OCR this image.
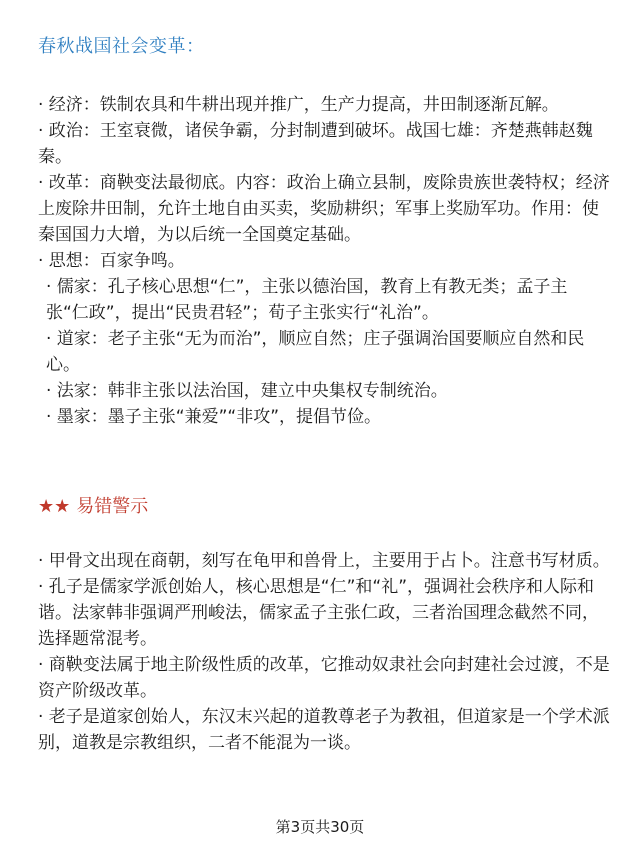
春秋战国社会变革：

· 经济：铁制农具和牛耕出现并推广，生产力提高，井田制逐渐瓦解。

· 政治：王室衰微，诸侯争霸，分封制遭到破坏。战国七雄：齐楚燕韩赵魏秦。

· 改革：商鞅变法最彻底。内容：政治上确立县制，废除贵族世袭特权；经济上废除井田制，允许土地自由买卖，奖励耕织；军事上奖励军功。作用：使秦国国力大增，为以后统一全国奠定基础。

· 思想：百家争鸣。

· 儒家：孔子核心思想“仁”，主张以德治国，教育上有教无类；孟子主张“仁政”，提出“民贵君轻”；荀子主张实行“礼治”。

· 道家：老子主张“无为而治”，顺应自然；庄子强调治国要顺应自然和民心。

· 法家：韩非主张以法治国，建立中央集权专制统治。

· 墨家：墨子主张“兼爱”“非攻”，提倡节俭。

★★ 易错警示

· 甲骨文出现在商朝，刻写在龟甲和兽骨上，主要用于占卜。注意书写材质。

· 孔子是儒家学派创始人，核心思想是“仁”和“礼”，强调社会秩序和人际和谐。法家韩非强调严刑峻法，儒家孟子主张仁政，三者治国理念截然不同，选择题常混考。

· 商鞅变法属于地主阶级性质的改革，它推动奴隶社会向封建社会过渡，不是资产阶级改革。

· 老子是道家创始人，东汉末兴起的道教尊老子为教祖，但道家是一个学术派别，道教是宗教组织，二者不能混为一谈。

第3页共30页
